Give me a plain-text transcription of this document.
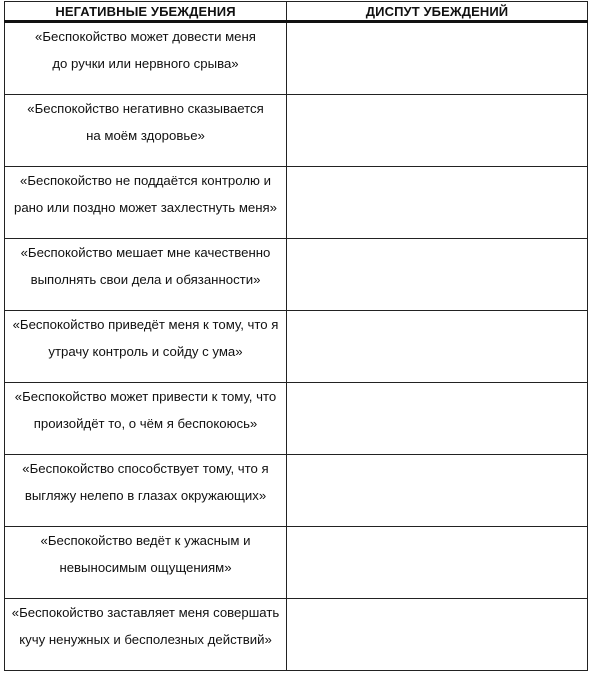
НЕГАТИВНЫЕ УБЕЖДЕНИЯ	ДИСПУТ УБЕЖДЕНИЙ

«Беспокойство может довести меня
до ручки или нервного срыва»	

«Беспокойство негативно сказывается
на моём здоровье»	

«Беспокойство не поддаётся контролю и
рано или поздно может захлестнуть меня»	

«Беспокойство мешает мне качественно
выполнять свои дела и обязанности»	

«Беспокойство приведёт меня к тому, что я
утрачу контроль и сойду с ума»	

«Беспокойство может привести к тому, что
произойдёт то, о чём я беспокоюсь»	

«Беспокойство способствует тому, что я
выгляжу нелепо в глазах окружающих»	

«Беспокойство ведёт к ужасным и
невыносимым ощущениям»	

«Беспокойство заставляет меня совершать
кучу ненужных и бесполезных действий»	
